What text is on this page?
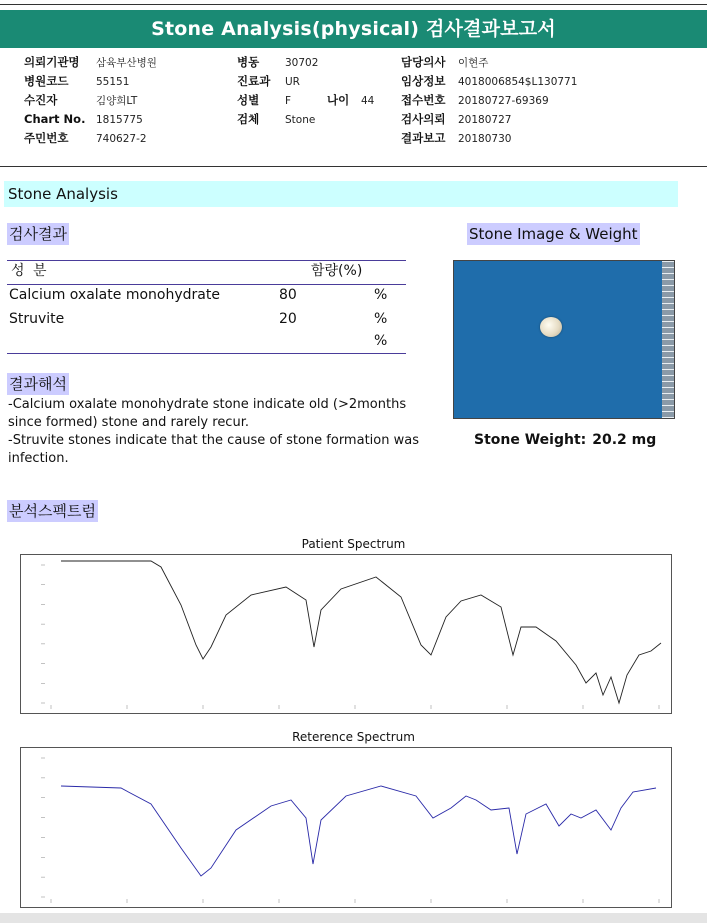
Stone Analysis(physical) 검사결과보고서
의뢰기관명 삼육부산병원
병원코드	55151
수진자	김양희LT
Chart No. 1815775
주민번호	740627-2
병동 30702
진료과 UR
성별 F	나이 44
검체 Stone
담당의사 이현주
임상정보 4018006854$L130771
접수번호 20180727-69369
검사의뢰 20180727
결과보고 20180730
Stone Analysis
검사결과	Stone Image & Weight
성 분	함량(%)
Calcium oxalate monohydrate	80	%
Struvite	20	%
%
결과해석
-Calcium oxalate monohydrate stone indicate old (>2months since formed) stone and rarely recur.
-Struvite stones indicate that the cause of stone formation was infection.
Stone Weight: 20.2 mg
분석스펙트럼
Patient Spectrum
Reterence Spectrum
